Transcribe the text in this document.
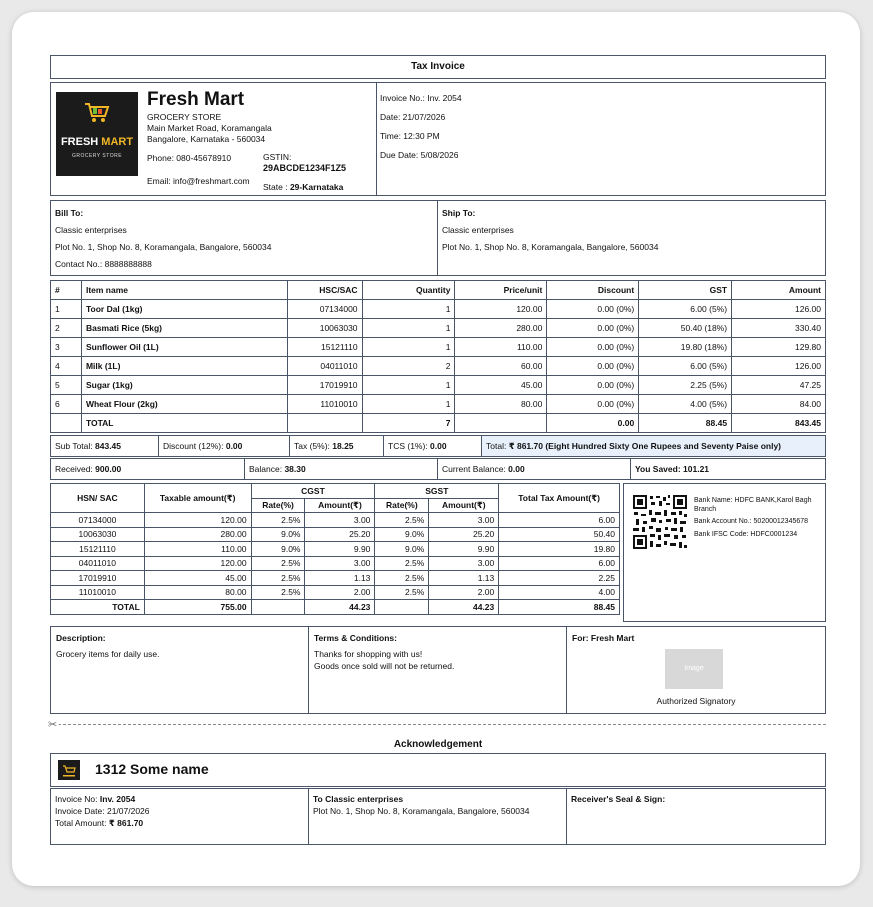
Tax Invoice
FRESH MART
GROCERY STORE
Fresh Mart
GROCERY STORE
Main Market Road, Koramangala
Bangalore, Karnataka - 560034
Phone: 080-45678910
Email: info@freshmart.com
GSTIN:
29ABCDE1234F1Z5
State : 29-Karnataka
Invoice No.: Inv. 2054
Date: 21/07/2026
Time: 12:30 PM
Due Date: 5/08/2026
Bill To:
Classic enterprises
Plot No. 1, Shop No. 8, Koramangala, Bangalore, 560034
Contact No.: 8888888888
Ship To:
Classic enterprises
Plot No. 1, Shop No. 8, Koramangala, Bangalore, 560034
#	Item name	HSC/SAC	Quantity	Price/unit	Discount	GST	Amount
1	Toor Dal (1kg)	07134000	1	120.00	0.00 (0%)	6.00 (5%)	126.00
2	Basmati Rice (5kg)	10063030	1	280.00	0.00 (0%)	50.40 (18%)	330.40
3	Sunflower Oil (1L)	15121110	1	110.00	0.00 (0%)	19.80 (18%)	129.80
4	Milk (1L)	04011010	2	60.00	0.00 (0%)	6.00 (5%)	126.00
5	Sugar (1kg)	17019910	1	45.00	0.00 (0%)	2.25 (5%)	47.25
6	Wheat Flour (2kg)	11010010	1	80.00	0.00 (0%)	4.00 (5%)	84.00
	TOTAL		7		0.00	88.45	843.45
Sub Total: 843.45	Discount (12%): 0.00	Tax (5%): 18.25	TCS (1%): 0.00	Total: ₹ 861.70 (Eight Hundred Sixty One Rupees and Seventy Paise only)
Received: 900.00	Balance: 38.30	Current Balance: 0.00	You Saved: 101.21
HSN/ SAC	Taxable amount(₹)	CGST		SGST		Total Tax Amount(₹)
		Rate(%)	Amount(₹)	Rate(%)	Amount(₹)	
07134000	120.00	2.5%	3.00	2.5%	3.00	6.00
10063030	280.00	9.0%	25.20	9.0%	25.20	50.40
15121110	110.00	9.0%	9.90	9.0%	9.90	19.80
04011010	120.00	2.5%	3.00	2.5%	3.00	6.00
17019910	45.00	2.5%	1.13	2.5%	1.13	2.25
11010010	80.00	2.5%	2.00	2.5%	2.00	4.00
TOTAL	755.00		44.23		44.23	88.45
Bank Name: HDFC BANK,Karol Bagh Branch
Bank Account No.: 50200012345678
Bank IFSC Code: HDFC0001234
Description:
Grocery items for daily use.
Terms & Conditions:
Thanks for shopping with us!
Goods once sold will not be returned.
For: Fresh Mart
Image
Authorized Signatory
✂
Acknowledgement
1312 Some name
Invoice No: Inv. 2054
Invoice Date: 21/07/2026
Total Amount: ₹ 861.70
To Classic enterprises
Plot No. 1, Shop No. 8, Koramangala, Bangalore, 560034
Receiver's Seal & Sign:
